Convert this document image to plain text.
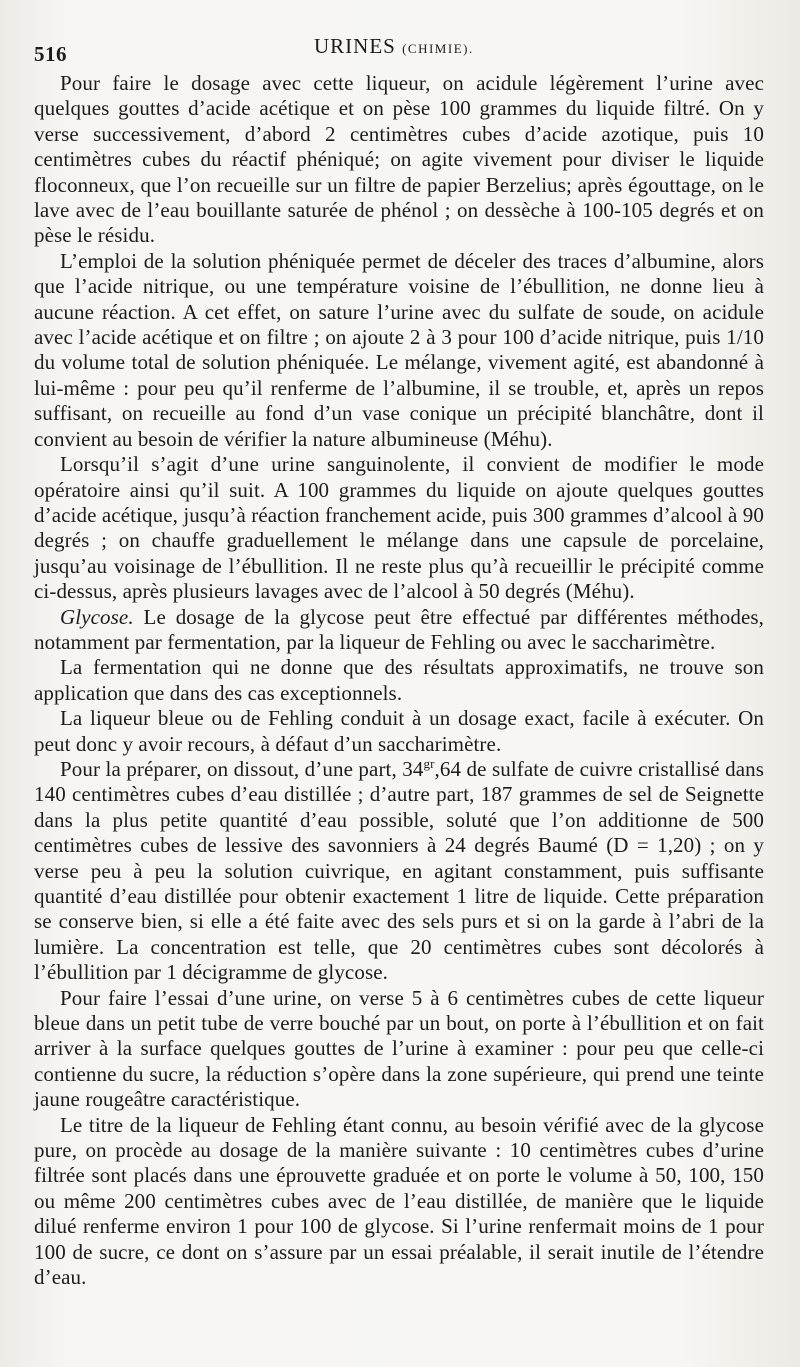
516	URINES (CHIMIE).

Pour faire le dosage avec cette liqueur, on acidule légèrement l’urine avec quelques gouttes d’acide acétique et on pèse 100 grammes du liquide filtré. On y verse successivement, d’abord 2 centimètres cubes d’acide azotique, puis 10 centimètres cubes du réactif phéniqué; on agite vivement pour diviser le liquide floconneux, que l’on recueille sur un filtre de papier Berzelius; après égouttage, on le lave avec de l’eau bouillante saturée de phénol ; on dessèche à 100-105 degrés et on pèse le résidu.

L’emploi de la solution phéniquée permet de déceler des traces d’albumine, alors que l’acide nitrique, ou une température voisine de l’ébullition, ne donne lieu à aucune réaction. A cet effet, on sature l’urine avec du sulfate de soude, on acidule avec l’acide acétique et on filtre ; on ajoute 2 à 3 pour 100 d’acide nitrique, puis 1/10 du volume total de solution phéniquée. Le mélange, vivement agité, est abandonné à lui-même : pour peu qu’il renferme de l’albumine, il se trouble, et, après un repos suffisant, on recueille au fond d’un vase conique un précipité blanchâtre, dont il convient au besoin de vérifier la nature albumineuse (Méhu).

Lorsqu’il s’agit d’une urine sanguinolente, il convient de modifier le mode opératoire ainsi qu’il suit. A 100 grammes du liquide on ajoute quelques gouttes d’acide acétique, jusqu’à réaction franchement acide, puis 300 grammes d’alcool à 90 degrés ; on chauffe graduellement le mélange dans une capsule de porcelaine, jusqu’au voisinage de l’ébullition. Il ne reste plus qu’à recueillir le précipité comme ci-dessus, après plusieurs lavages avec de l’alcool à 50 degrés (Méhu).

Glycose. Le dosage de la glycose peut être effectué par différentes méthodes, notamment par fermentation, par la liqueur de Fehling ou avec le saccharimètre.

La fermentation qui ne donne que des résultats approximatifs, ne trouve son application que dans des cas exceptionnels.

La liqueur bleue ou de Fehling conduit à un dosage exact, facile à exécuter. On peut donc y avoir recours, à défaut d’un saccharimètre.

Pour la préparer, on dissout, d’une part, $34^{gr},64$ de sulfate de cuivre cristallisé dans 140 centimètres cubes d’eau distillée ; d’autre part, 187 grammes de sel de Seignette dans la plus petite quantité d’eau possible, soluté que l’on additionne de 500 centimètres cubes de lessive des savonniers à 24 degrés Baumé (D = 1,20) ; on y verse peu à peu la solution cuivrique, en agitant constamment, puis suffisante quantité d’eau distillée pour obtenir exactement 1 litre de liquide. Cette préparation se conserve bien, si elle a été faite avec des sels purs et si on la garde à l’abri de la lumière. La concentration est telle, que 20 centimètres cubes sont décolorés à l’ébullition par 1 décigramme de glycose.

Pour faire l’essai d’une urine, on verse 5 à 6 centimètres cubes de cette liqueur bleue dans un petit tube de verre bouché par un bout, on porte à l’ébullition et on fait arriver à la surface quelques gouttes de l’urine à examiner : pour peu que celle-ci contienne du sucre, la réduction s’opère dans la zone supérieure, qui prend une teinte jaune rougeâtre caractéristique.

Le titre de la liqueur de Fehling étant connu, au besoin vérifié avec de la glycose pure, on procède au dosage de la manière suivante : 10 centimètres cubes d’urine filtrée sont placés dans une éprouvette graduée et on porte le volume à 50, 100, 150 ou même 200 centimètres cubes avec de l’eau distillée, de manière que le liquide dilué renferme environ 1 pour 100 de glycose. Si l’urine renfermait moins de 1 pour 100 de sucre, ce dont on s’assure par un essai préalable, il serait inutile de l’étendre d’eau.
